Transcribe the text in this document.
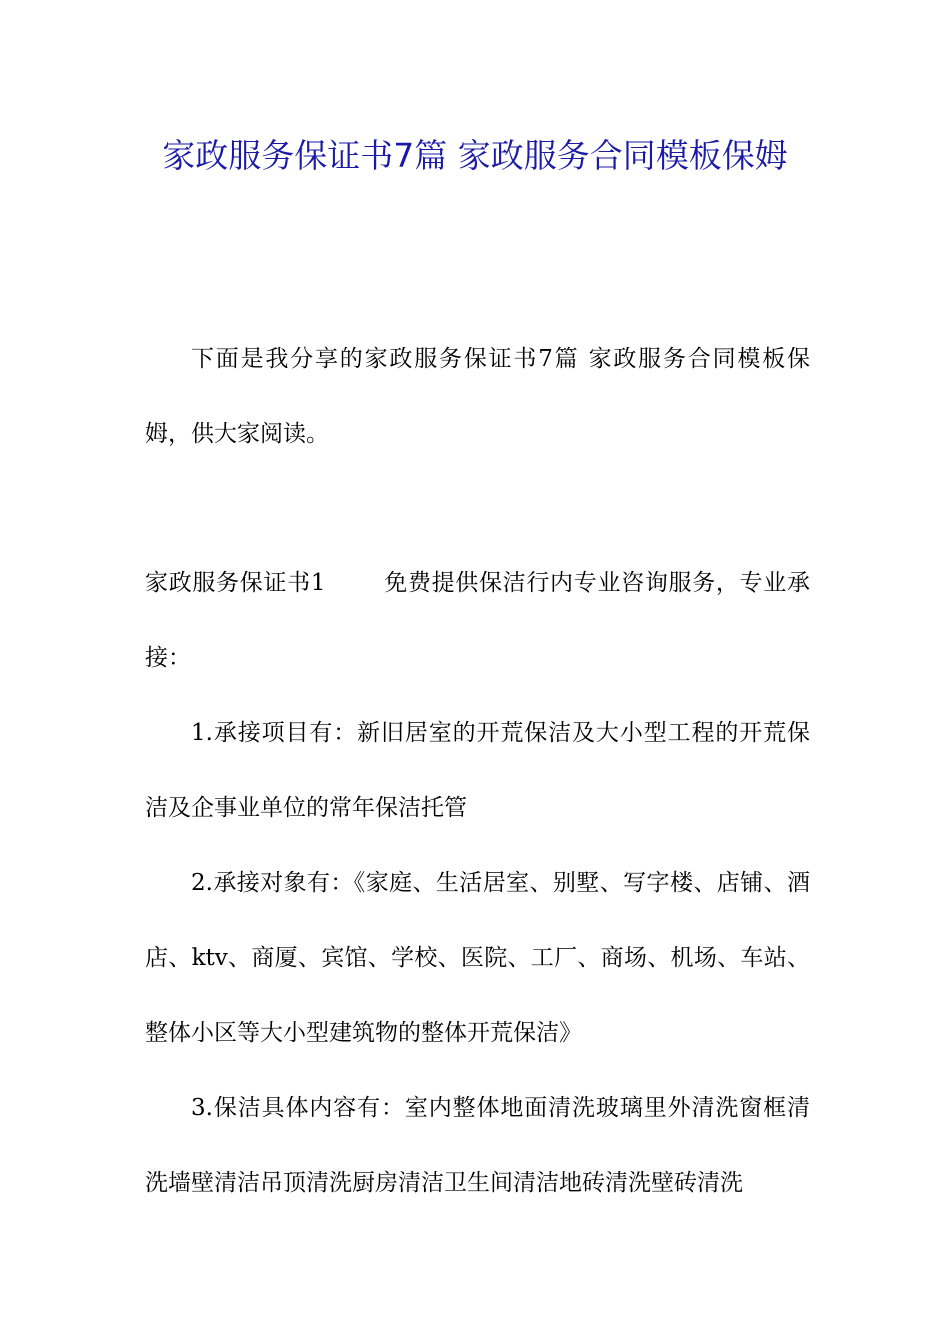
家政服务保证书7篇 家政服务合同模板保姆

下面是我分享的家政服务保证书7篇 家政服务合同模板保姆，供大家阅读。

家政服务保证书1	免费提供保洁行内专业咨询服务，专业承接：

1.承接项目有：新旧居室的开荒保洁及大小型工程的开荒保洁及企事业单位的常年保洁托管

2.承接对象有：《家庭、生活居室、别墅、写字楼、店铺、酒店、ktv、商厦、宾馆、学校、医院、工厂、商场、机场、车站、整体小区等大小型建筑物的整体开荒保洁》

3.保洁具体内容有：室内整体地面清洗玻璃里外清洗窗框清洗墙壁清洁吊顶清洗厨房清洁卫生间清洁地砖清洗壁砖清洗
